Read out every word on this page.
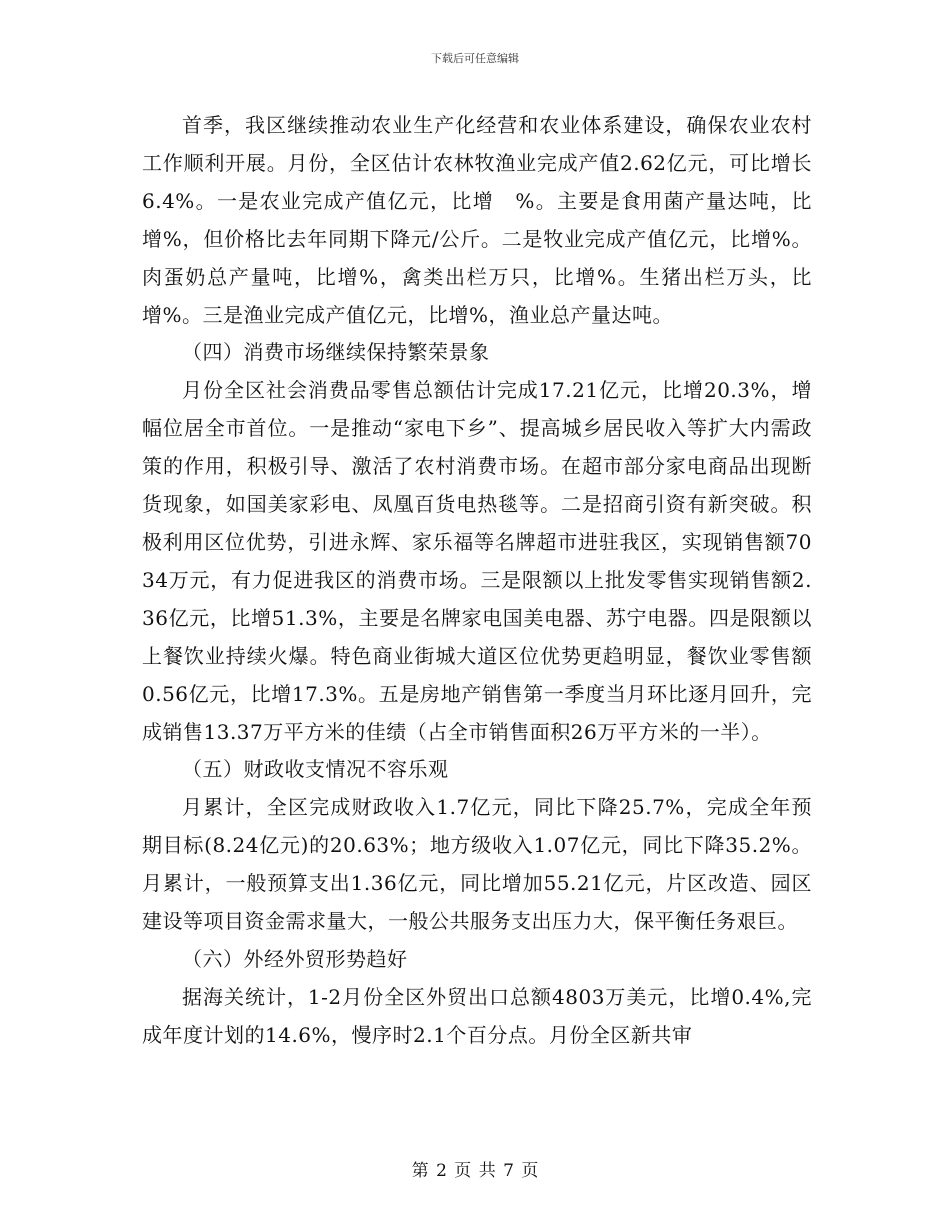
下载后可任意编辑

首季，我区继续推动农业生产化经营和农业体系建设，确保农业农村工作顺利开展。月份，全区估计农林牧渔业完成产值2.62亿元，可比增长6.4%。一是农业完成产值亿元，比增　%。主要是食用菌产量达吨，比增%，但价格比去年同期下降元/公斤。二是牧业完成产值亿元，比增%。肉蛋奶总产量吨，比增%，禽类出栏万只，比增%。生猪出栏万头，比增%。三是渔业完成产值亿元，比增%，渔业总产量达吨。

（四）消费市场继续保持繁荣景象

月份全区社会消费品零售总额估计完成17.21亿元，比增20.3%，增幅位居全市首位。一是推动“家电下乡”、提高城乡居民收入等扩大内需政策的作用，积极引导、激活了农村消费市场。在超市部分家电商品出现断货现象，如国美家彩电、凤凰百货电热毯等。二是招商引资有新突破。积极利用区位优势，引进永辉、家乐福等名牌超市进驻我区，实现销售额7034万元，有力促进我区的消费市场。三是限额以上批发零售实现销售额2.36亿元，比增51.3%，主要是名牌家电国美电器、苏宁电器。四是限额以上餐饮业持续火爆。特色商业街城大道区位优势更趋明显，餐饮业零售额0.56亿元，比增17.3%。五是房地产销售第一季度当月环比逐月回升，完成销售13.37万平方米的佳绩（占全市销售面积26万平方米的一半）。

（五）财政收支情况不容乐观

月累计，全区完成财政收入1.7亿元，同比下降25.7%，完成全年预期目标(8.24亿元)的20.63%；地方级收入1.07亿元，同比下降35.2%。月累计，一般预算支出1.36亿元，同比增加55.21亿元，片区改造、园区建设等项目资金需求量大，一般公共服务支出压力大，保平衡任务艰巨。

（六）外经外贸形势趋好

据海关统计，1-2月份全区外贸出口总额4803万美元，比增0.4%,完成年度计划的14.6%，慢序时2.1个百分点。月份全区新共审

第 2 页 共 7 页
